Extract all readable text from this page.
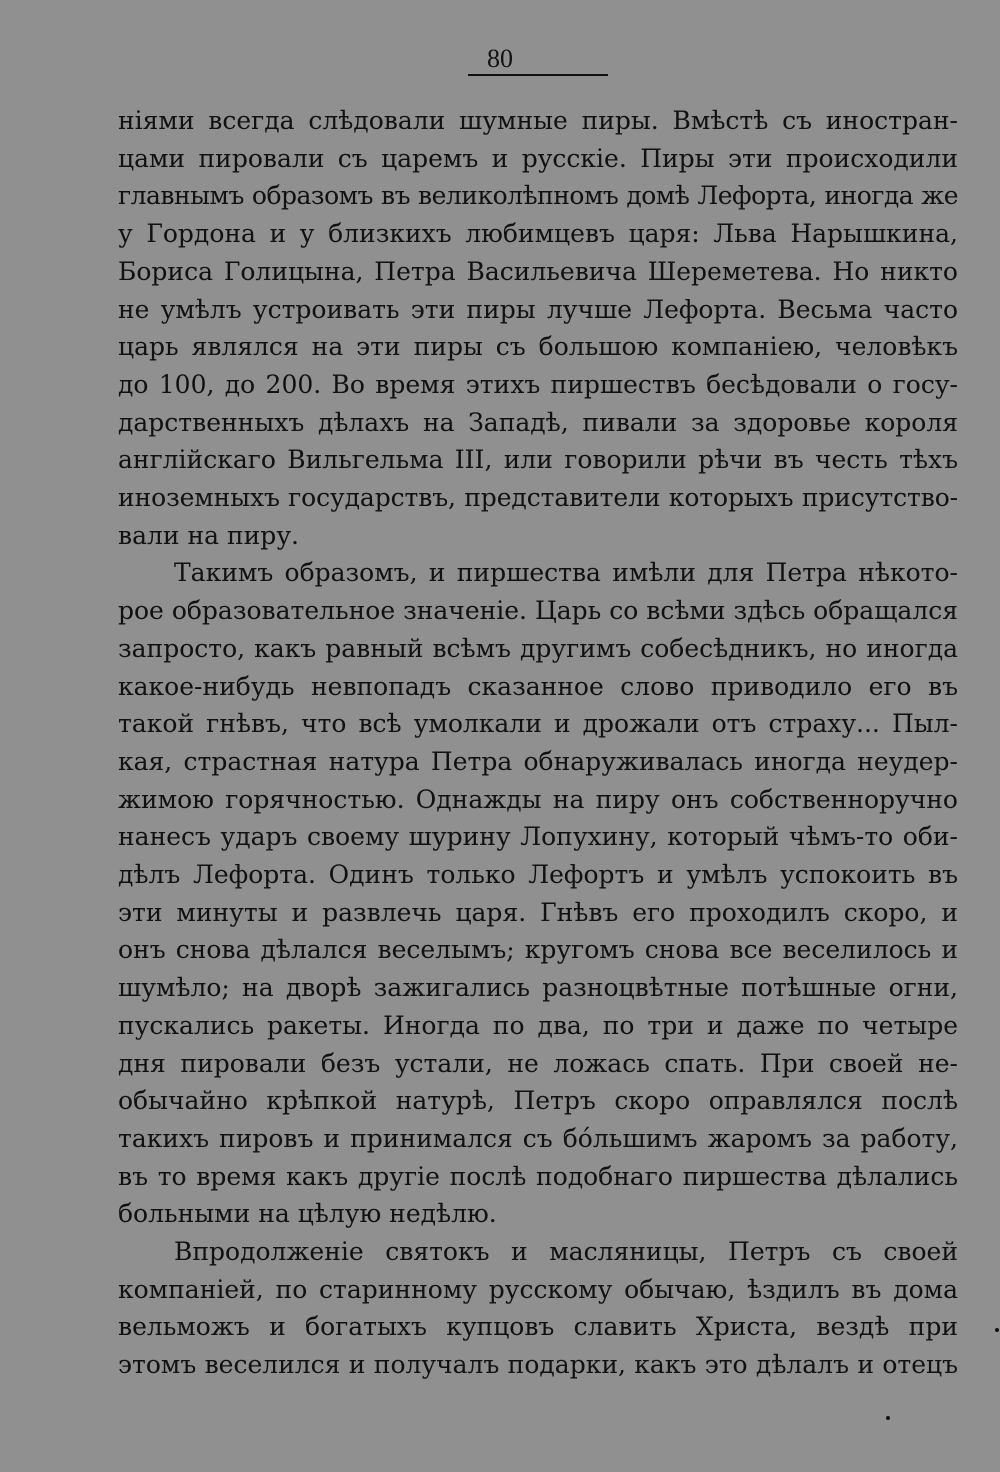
80
ніями всегда слѣдовали шумные пиры. Вмѣстѣ съ иностран-
цами пировали съ царемъ и русскіе. Пиры эти происходили
главнымъ образомъ въ великолѣпномъ домѣ Лефорта, иногда же
у Гордона и у близкихъ любимцевъ царя: Льва Нарышкина,
Бориса Голицына, Петра Васильевича Шереметева. Но никто
не умѣлъ устроивать эти пиры лучше Лефорта. Весьма часто
царь являлся на эти пиры съ большою компаніею, человѣкъ
до 100, до 200. Во время этихъ пиршествъ бесѣдовали о госу-
дарственныхъ дѣлахъ на Западѣ, пивали за здоровье короля
англійскаго Вильгельма III, или говорили рѣчи въ честь тѣхъ
иноземныхъ государствъ, представители которыхъ присутство-
вали на пиру.
Такимъ образомъ, и пиршества имѣли для Петра нѣкото-
рое образовательное значеніе. Царь со всѣми здѣсь обращался
запросто, какъ равный всѣмъ другимъ собесѣдникъ, но иногда
какое-нибудь невпопадъ сказанное слово приводило его въ
такой гнѣвъ, что всѣ умолкали и дрожали отъ страху... Пыл-
кая, страстная натура Петра обнаруживалась иногда неудер-
жимою горячностью. Однажды на пиру онъ собственноручно
нанесъ ударъ своему шурину Лопухину, который чѣмъ-то оби-
дѣлъ Лефорта. Одинъ только Лефортъ и умѣлъ успокоить въ
эти минуты и развлечь царя. Гнѣвъ его проходилъ скоро, и
онъ снова дѣлался веселымъ; кругомъ снова все веселилось и
шумѣло; на дворѣ зажигались разноцвѣтные потѣшные огни,
пускались ракеты. Иногда по два, по три и даже по четыре
дня пировали безъ устали, не ложась спать. При своей не-
обычайно крѣпкой натурѣ, Петръ скоро оправлялся послѣ
такихъ пировъ и принимался съ бо́льшимъ жаромъ за работу,
въ то время какъ другіе послѣ подобнаго пиршества дѣлались
больными на цѣлую недѣлю.
Впродолженіе святокъ и масляницы, Петръ съ своей
компаніей, по старинному русскому обычаю, ѣздилъ въ дома
вельможъ и богатыхъ купцовъ славить Христа, вездѣ при
этомъ веселился и получалъ подарки, какъ это дѣлалъ и отецъ
